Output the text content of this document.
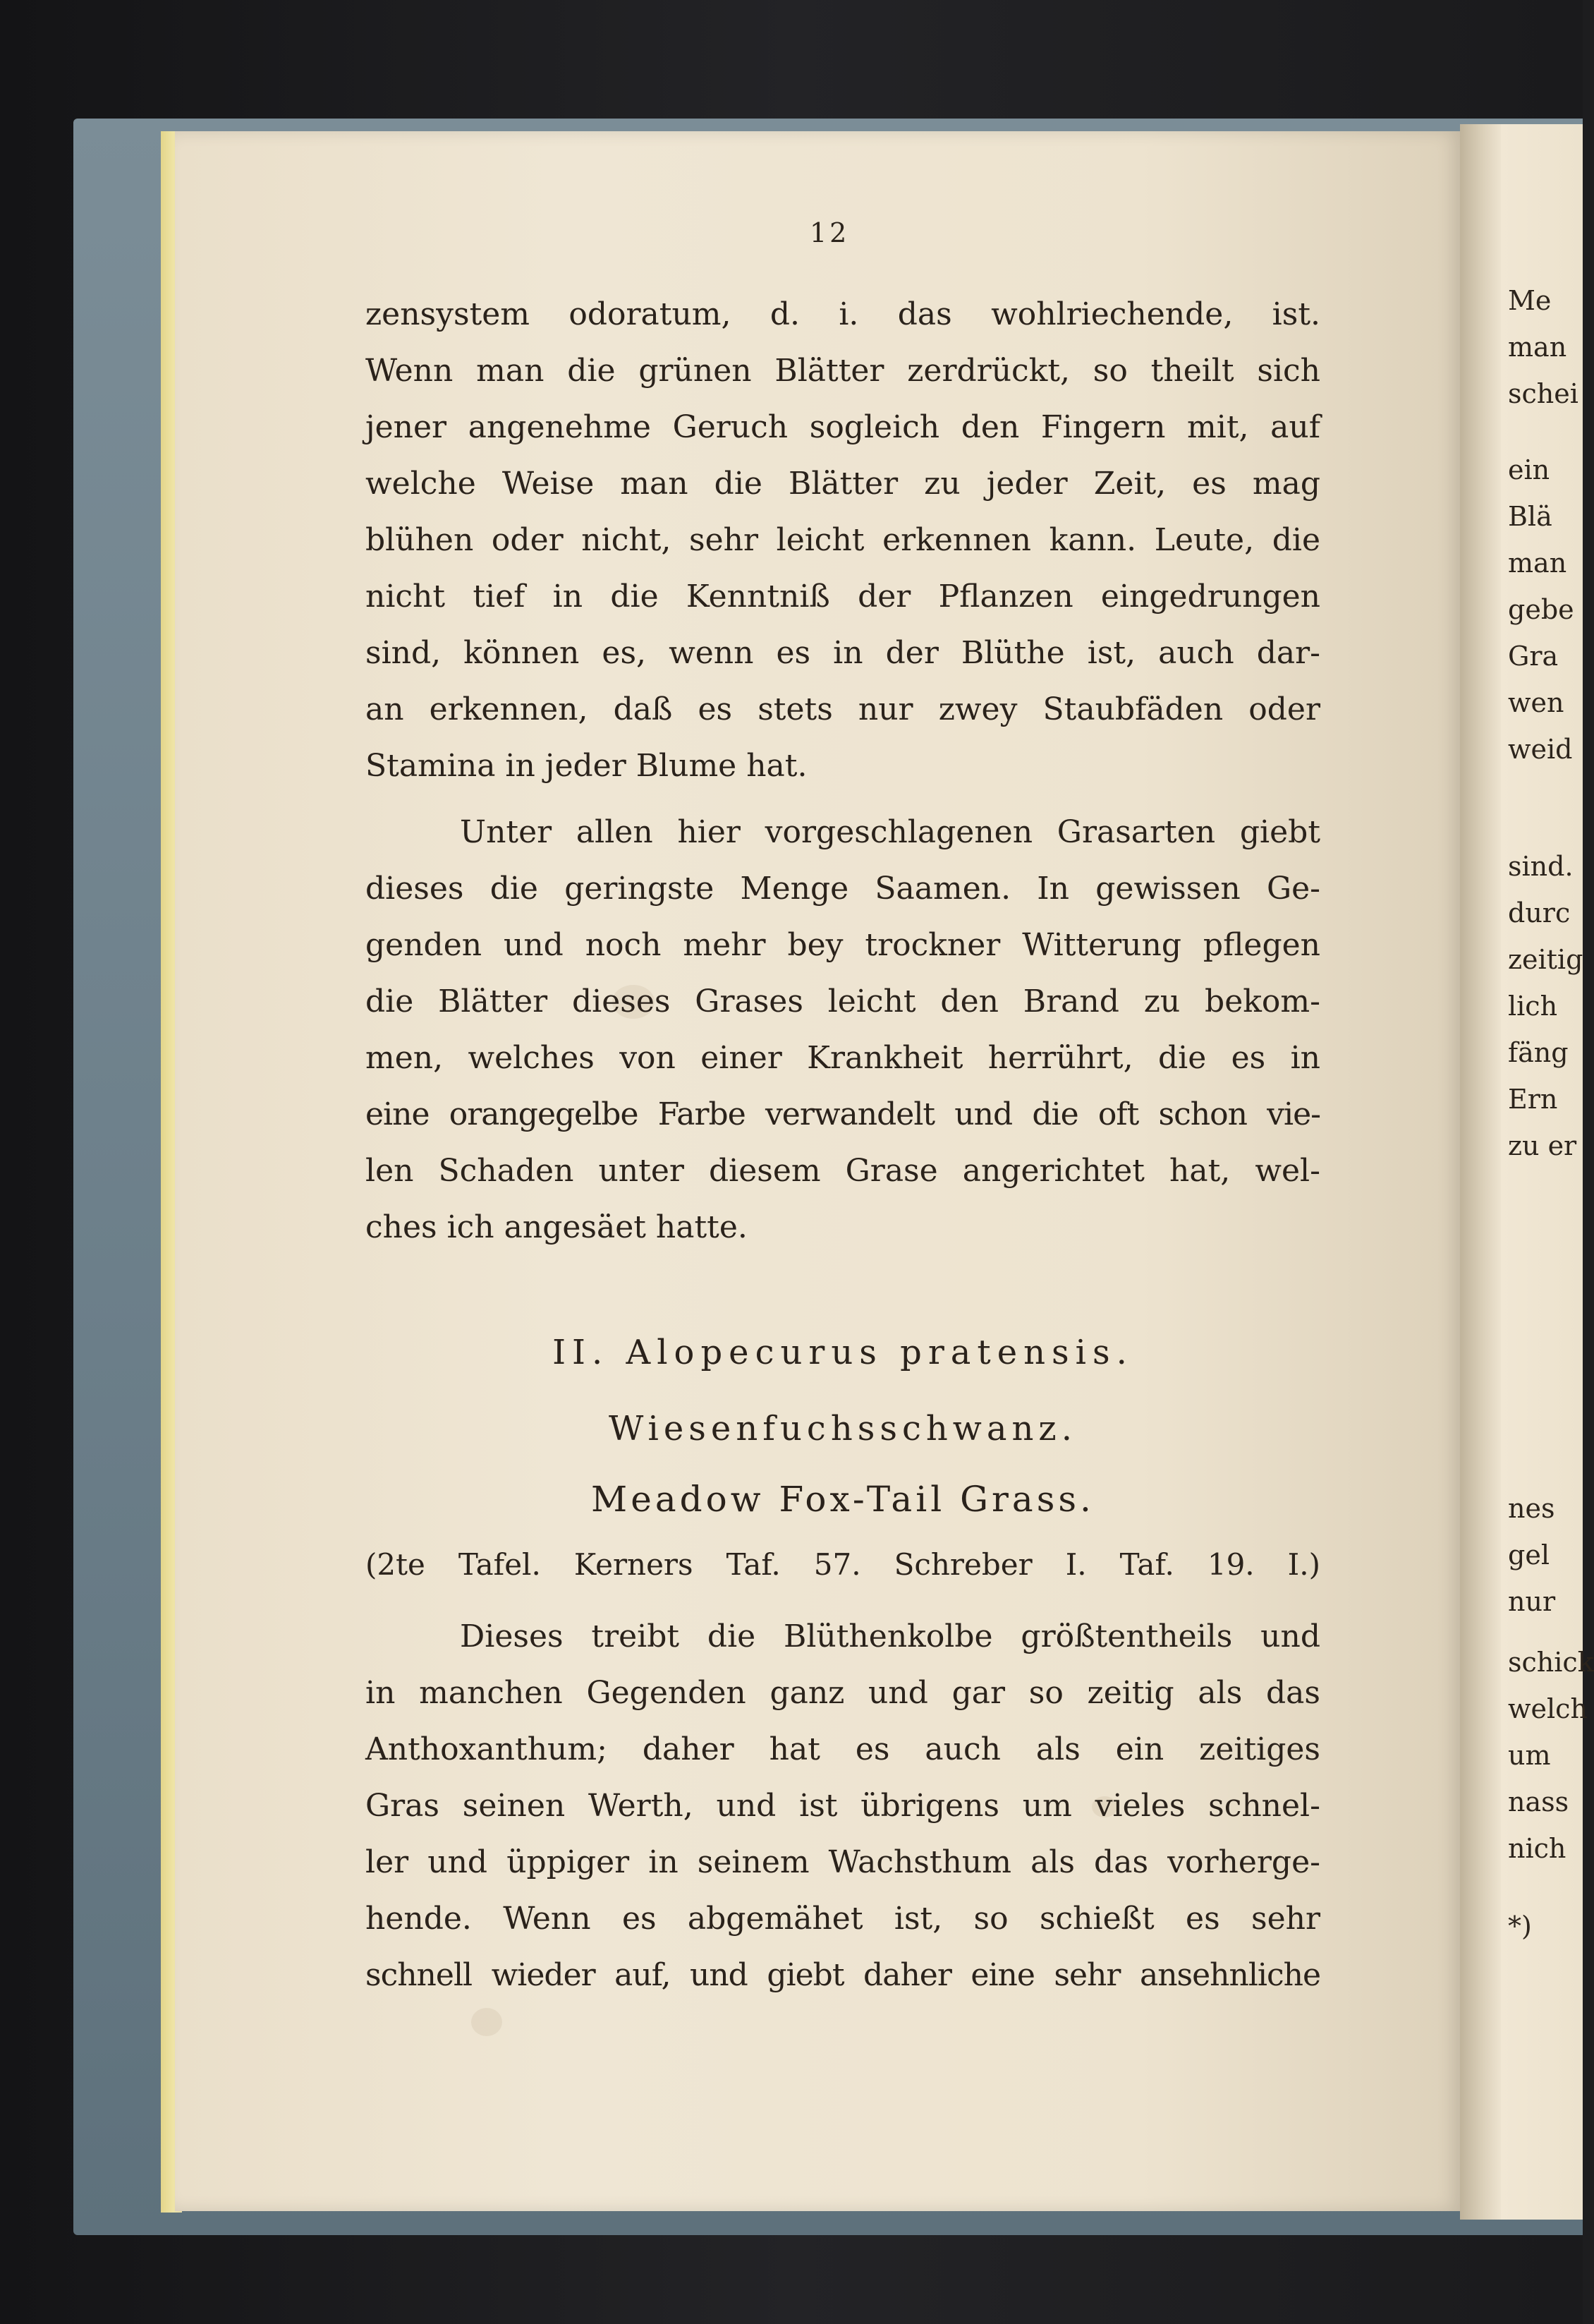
Me
man
schei
ein
Blä
man
gebe
Gra
wen
weid
sind.
durc
zeitig
lich
fäng
Ern
zu er
nes
gel
nur
schick
welch
um
nass
nich
*)
12
zensystem odoratum, d. i. das wohlriechende, ist.
Wenn man die grünen Blätter zerdrückt, so theilt sich
jener angenehme Geruch sogleich den Fingern mit, auf
welche Weise man die Blätter zu jeder Zeit, es mag
blühen oder nicht, sehr leicht erkennen kann. Leute, die
nicht tief in die Kenntniß der Pflanzen eingedrungen
sind, können es, wenn es in der Blüthe ist, auch dar-
an erkennen, daß es stets nur zwey Staubfäden oder
Stamina in jeder Blume hat.
Unter allen hier vorgeschlagenen Grasarten giebt
dieses die geringste Menge Saamen. In gewissen Ge-
genden und noch mehr bey trockner Witterung pflegen
die Blätter dieses Grases leicht den Brand zu bekom-
men, welches von einer Krankheit herrührt, die es in
eine orangegelbe Farbe verwandelt und die oft schon vie-
len Schaden unter diesem Grase angerichtet hat, wel-
ches ich angesäet hatte.
II. Alopecurus pratensis.
Wiesenfuchsschwanz.
Meadow Fox-Tail Grass.
(2te Tafel. Kerners Taf. 57. Schreber I. Taf. 19. I.)
Dieses treibt die Blüthenkolbe größtentheils und
in manchen Gegenden ganz und gar so zeitig als das
Anthoxanthum; daher hat es auch als ein zeitiges
Gras seinen Werth, und ist übrigens um vieles schnel-
ler und üppiger in seinem Wachsthum als das vorherge-
hende. Wenn es abgemähet ist, so schießt es sehr
schnell wieder auf, und giebt daher eine sehr ansehnliche
